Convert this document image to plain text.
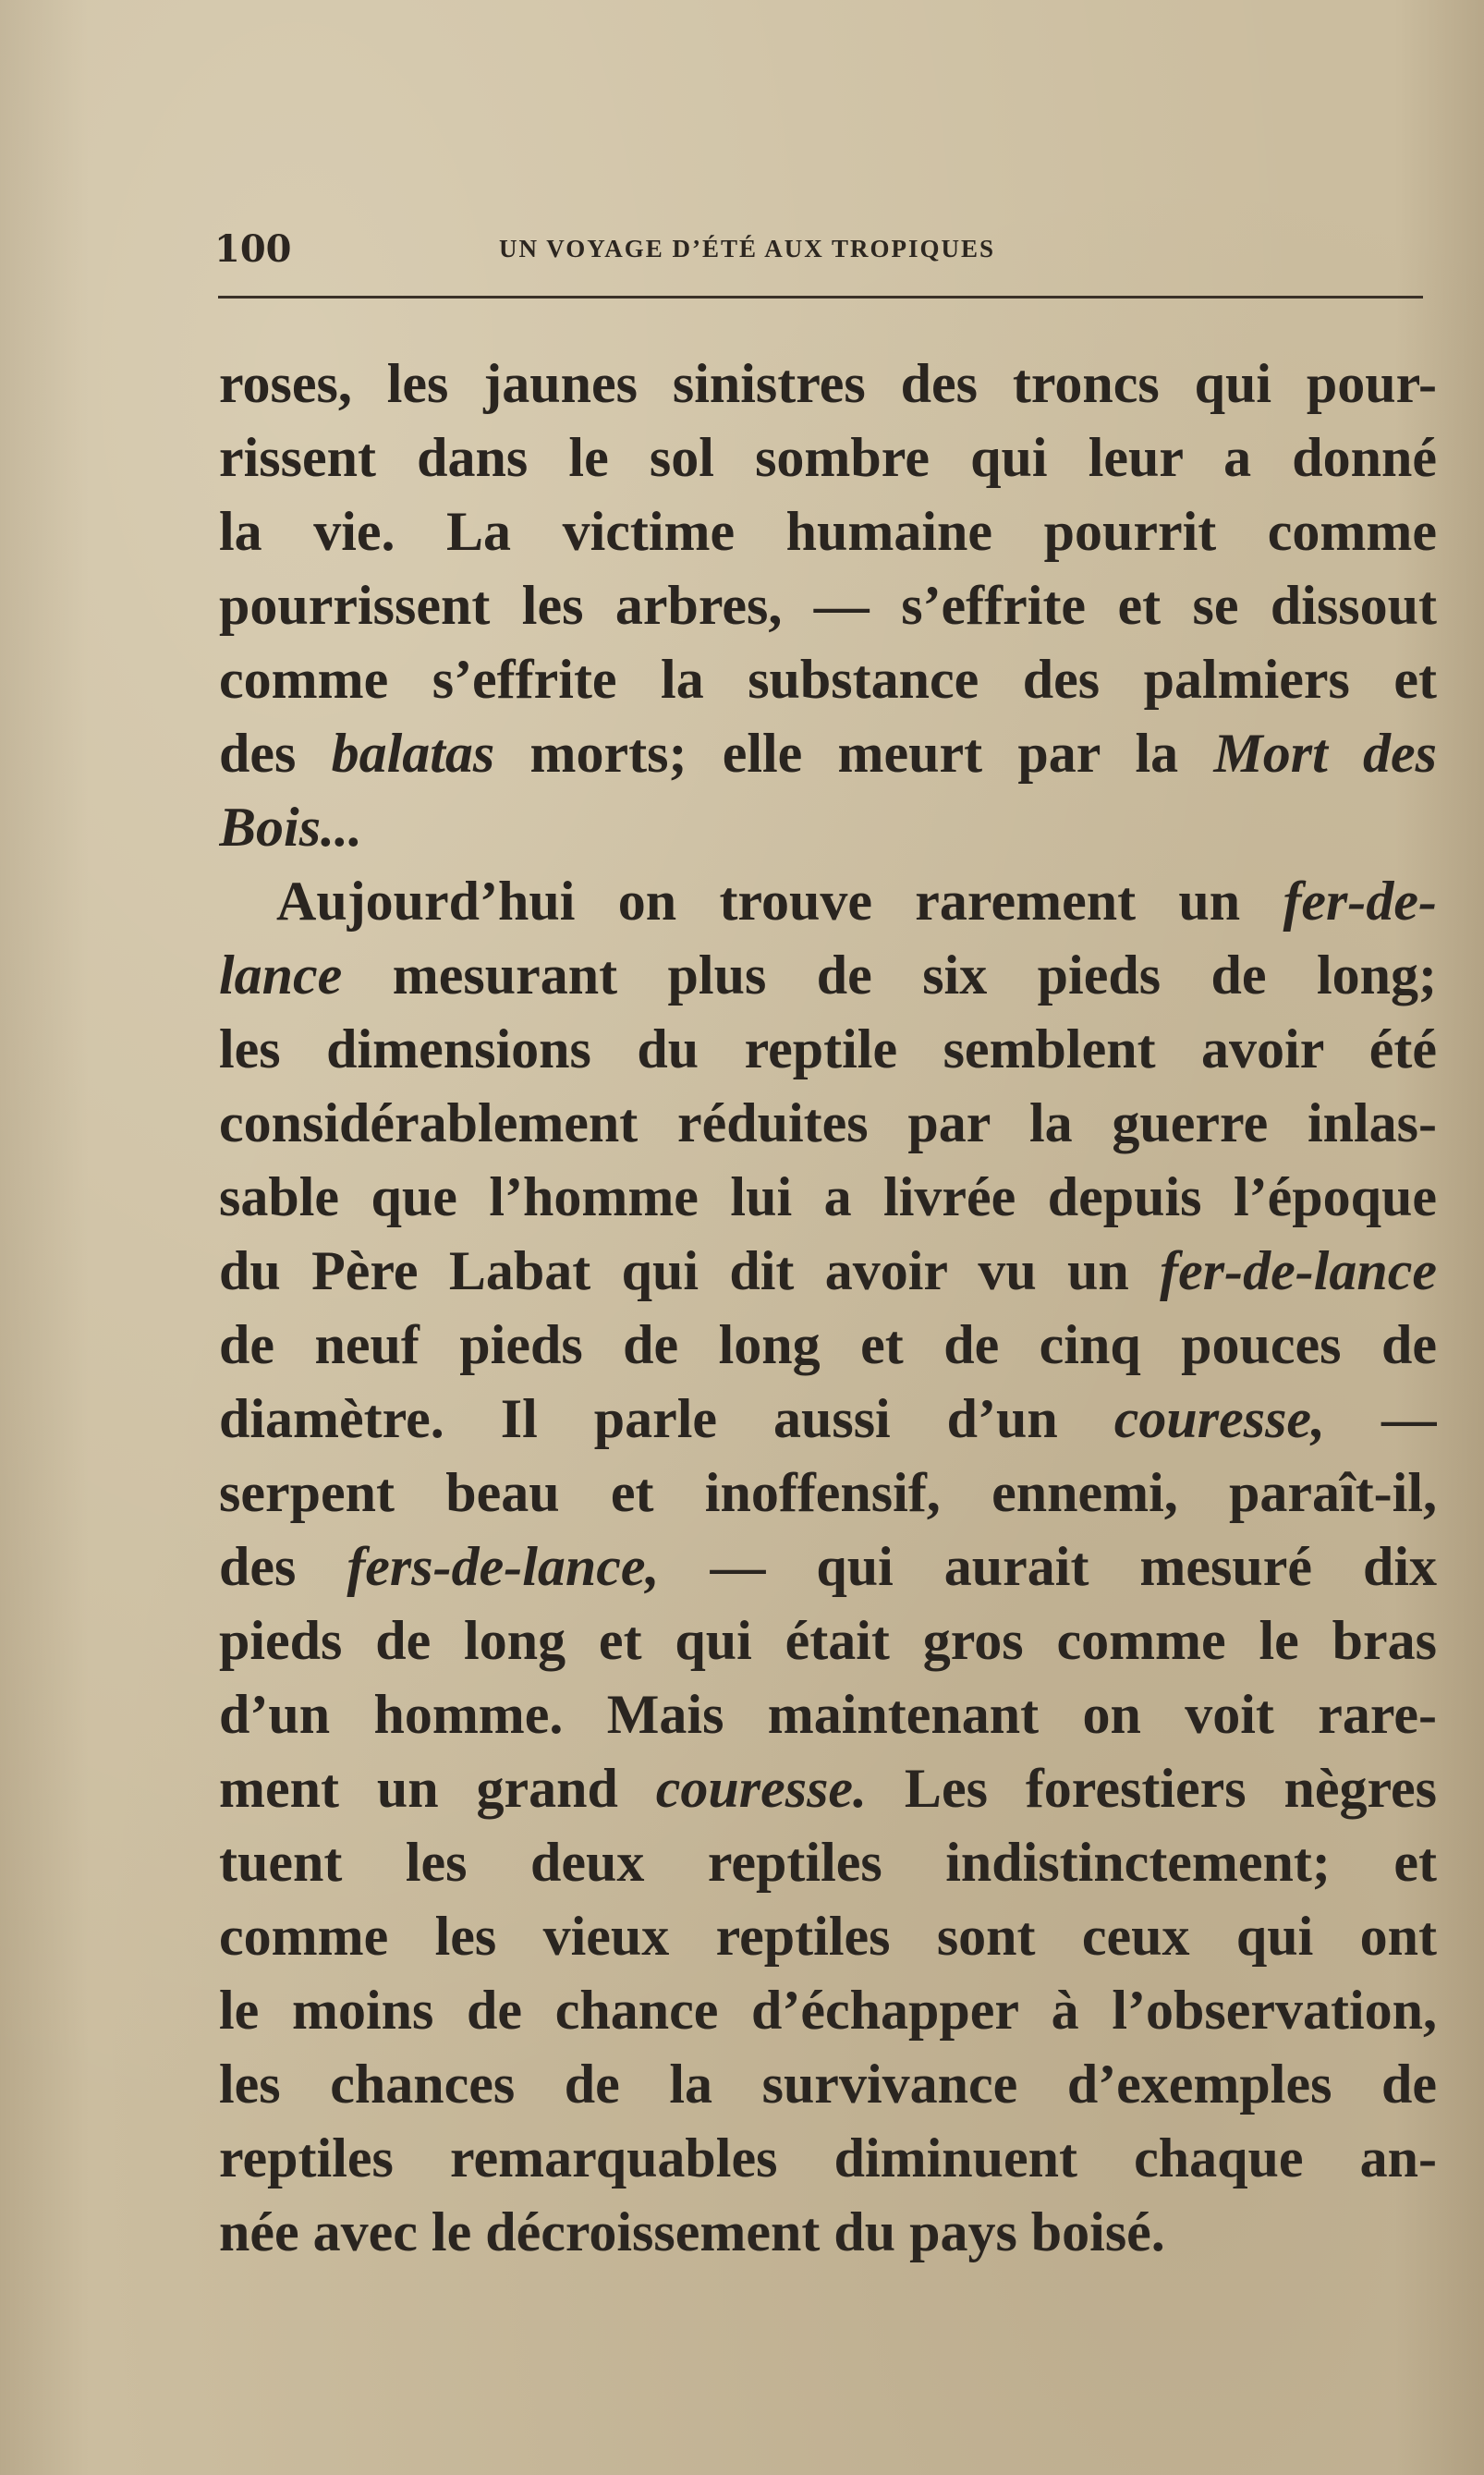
100	UN VOYAGE D’ÉTÉ AUX TROPIQUES
roses, les jaunes sinistres des troncs qui pour-
rissent dans le sol sombre qui leur a donné
la vie. La victime humaine pourrit comme
pourrissent les arbres, — s’effrite et se dissout
comme s’effrite la substance des palmiers et
des balatas morts; elle meurt par la Mort des
Bois...
Aujourd’hui on trouve rarement un fer-de-
lance mesurant plus de six pieds de long;
les dimensions du reptile semblent avoir été
considérablement réduites par la guerre inlas-
sable que l’homme lui a livrée depuis l’époque
du Père Labat qui dit avoir vu un fer-de-lance
de neuf pieds de long et de cinq pouces de
diamètre. Il parle aussi d’un couresse, —
serpent beau et inoffensif, ennemi, paraît-il,
des fers-de-lance, — qui aurait mesuré dix
pieds de long et qui était gros comme le bras
d’un homme. Mais maintenant on voit rare-
ment un grand couresse. Les forestiers nègres
tuent les deux reptiles indistinctement; et
comme les vieux reptiles sont ceux qui ont
le moins de chance d’échapper à l’observation,
les chances de la survivance d’exemples de
reptiles remarquables diminuent chaque an-
née avec le décroissement du pays boisé.
